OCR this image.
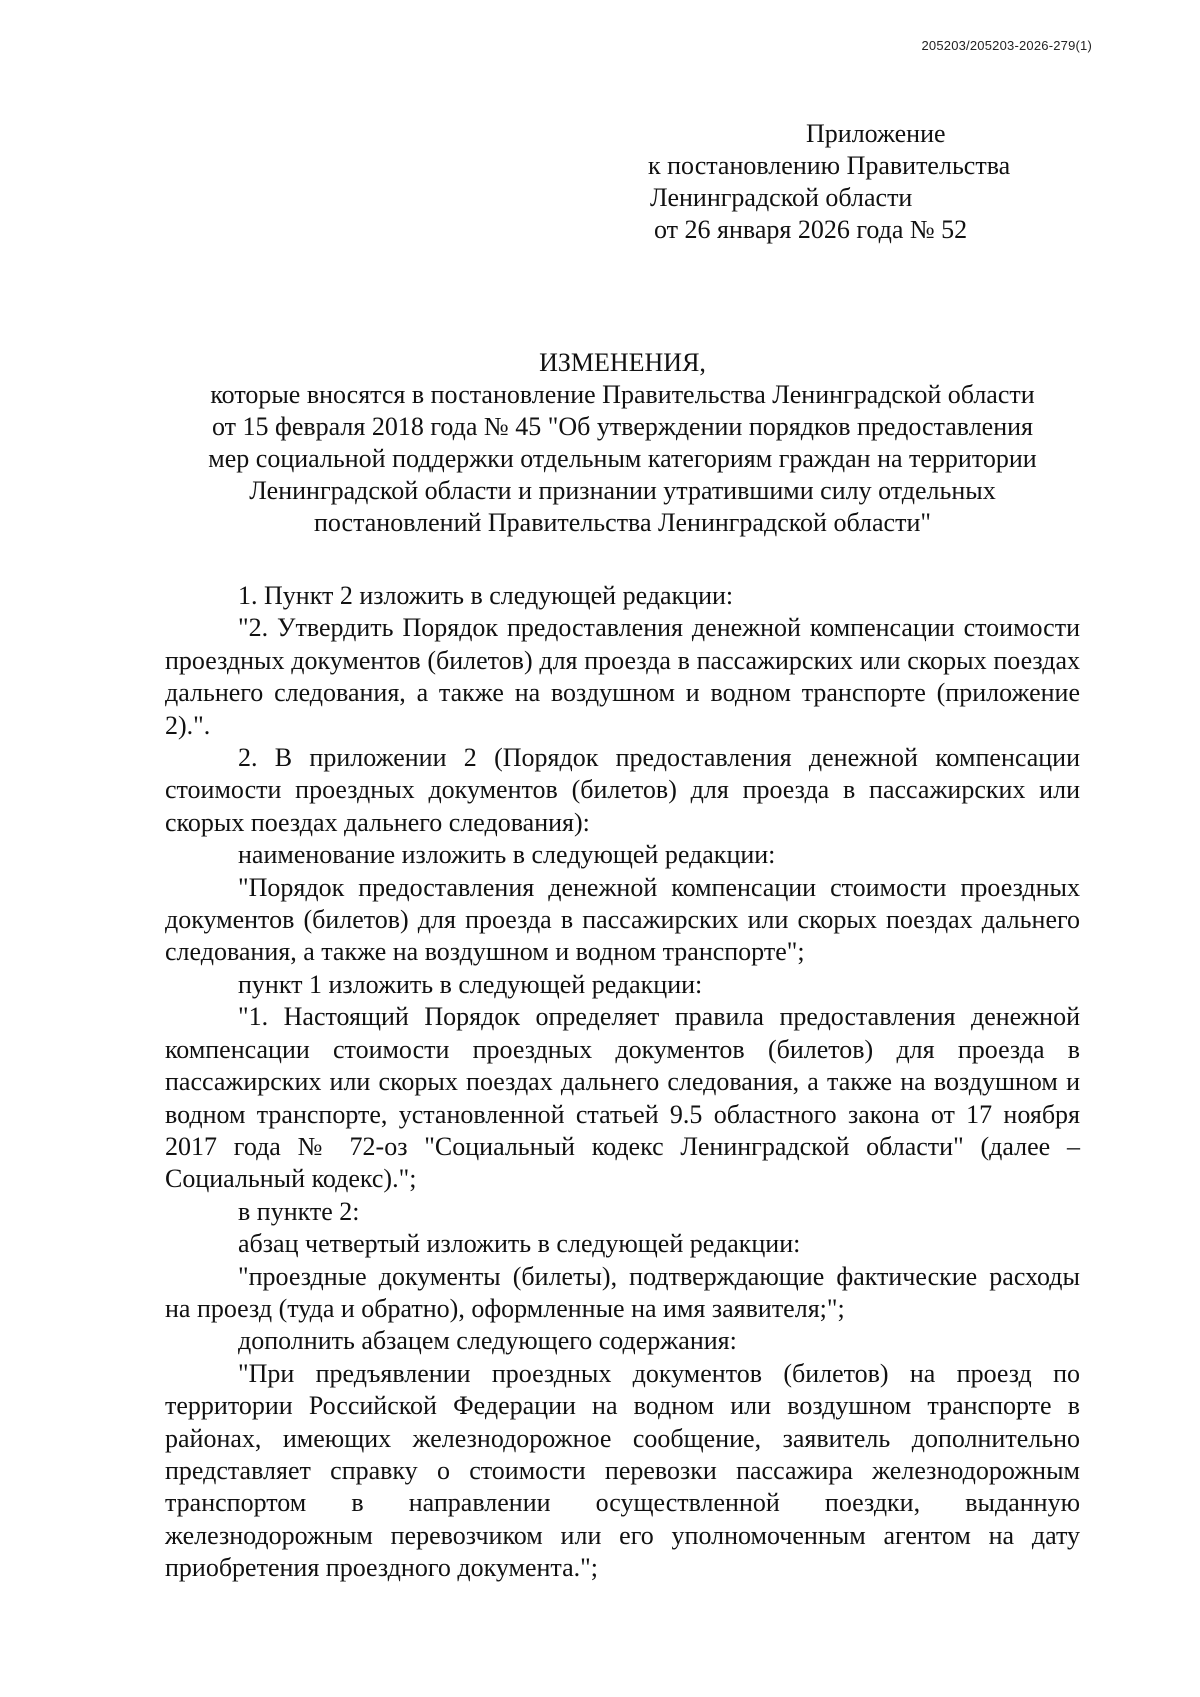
205203/205203-2026-279(1)
Приложение
к постановлению Правительства
Ленинградской области
от 26 января 2026 года № 52
ИЗМЕНЕНИЯ,
которые вносятся в постановление Правительства Ленинградской области
от 15 февраля 2018 года № 45 "Об утверждении порядков предоставления
мер социальной поддержки отдельным категориям граждан на территории
Ленинградской области и признании утратившими силу отдельных
постановлений Правительства Ленинградской области"

1. Пункт 2 изложить в следующей редакции:

"2. Утвердить Порядок предоставления денежной компенсации стоимости проездных документов (билетов) для проезда в пассажирских или скорых поездах дальнего следования, а также на воздушном и водном транспорте (приложение 2).".

2. В приложении 2 (Порядок предоставления денежной компенсации стоимости проездных документов (билетов) для проезда в пассажирских или скорых поездах дальнего следования):

наименование изложить в следующей редакции:

"Порядок предоставления денежной компенсации стоимости проездных документов (билетов) для проезда в пассажирских или скорых поездах дальнего следования, а также на воздушном и водном транспорте";

пункт 1 изложить в следующей редакции:

"1. Настоящий Порядок определяет правила предоставления денежной компенсации стоимости проездных документов (билетов) для проезда в пассажирских или скорых поездах дальнего следования, а также на воздушном и водном транспорте, установленной статьей 9.5 областного закона от 17 ноября 2017 года № 72-оз "Социальный кодекс Ленинградской области" (далее – Социальный кодекс).";

в пункте 2:

абзац четвертый изложить в следующей редакции:

"проездные документы (билеты), подтверждающие фактические расходы на проезд (туда и обратно), оформленные на имя заявителя;";

дополнить абзацем следующего содержания:

"При предъявлении проездных документов (билетов) на проезд по территории Российской Федерации на водном или воздушном транспорте в районах, имеющих железнодорожное сообщение, заявитель дополнительно представляет справку о стоимости перевозки пассажира железнодорожным транспортом в направлении осуществленной поездки, выданную железнодорожным перевозчиком или его уполномоченным агентом на дату приобретения проездного документа.";
